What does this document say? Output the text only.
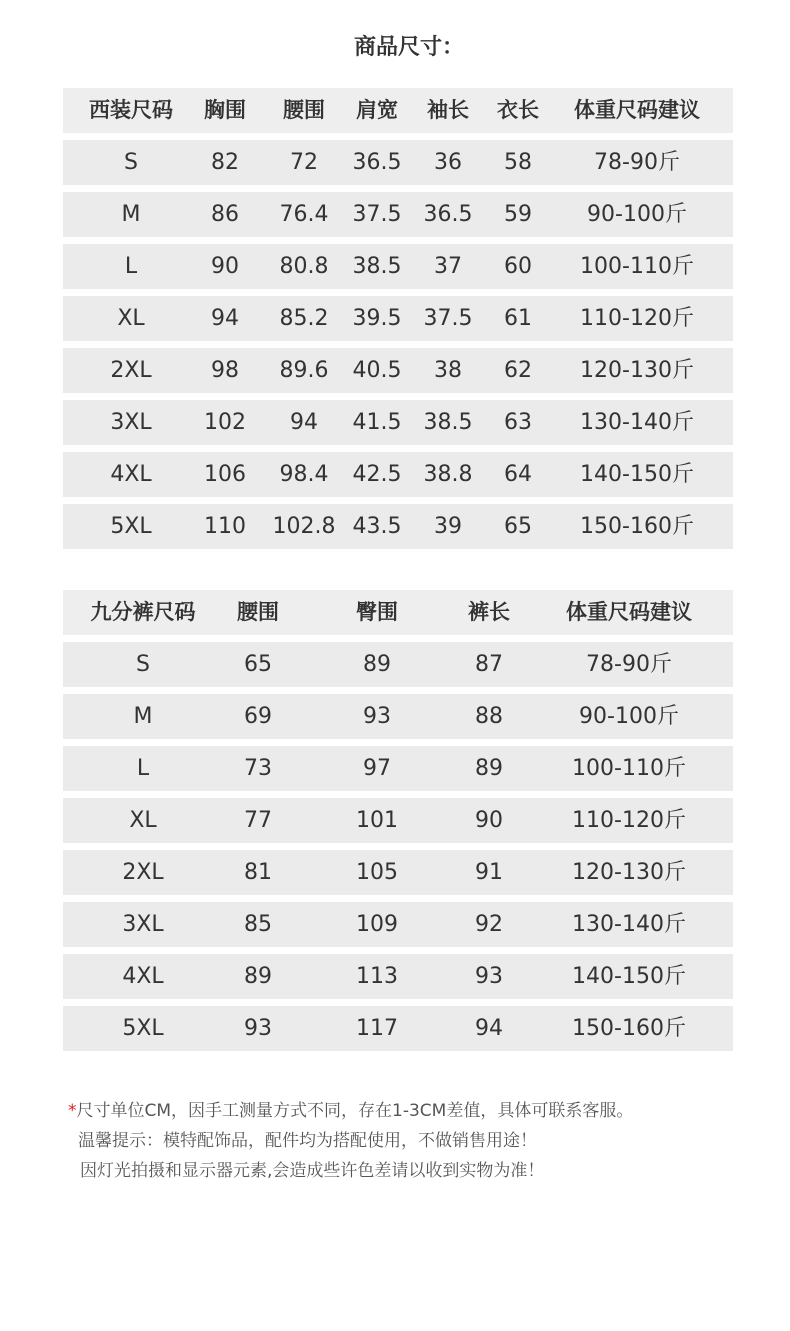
商品尺寸：
西装尺码 胸围 腰围 肩宽 袖长 衣长 体重尺码建议
S	82 72 36.5 36 58	78-90斤
M	86 76.4 37.5 36.5 59	90-100斤
L	90 80.8 38.5 37 60 100-110斤
XL	94 85.2 39.5 37.5 61 110-120斤
2XL	98 89.6 40.5 38 62 120-130斤
3XL 102 94 41.5 38.5 63 130-140斤
4XL 106 98.4 42.5 38.8 64 140-150斤
5XL 110 102.8 43.5 39 65 150-160斤
九分裤尺码 腰围	臀围	裤长	体重尺码建议
S	65	89	87	78-90斤
M	69	93	88	90-100斤
L	73	97	89	100-110斤
XL	77	101	90	110-120斤
2XL	81	105	91	120-130斤
3XL	85	109	92	130-140斤
4XL	89	113	93	140-150斤
5XL	93	117	94	150-160斤

*尺寸单位CM，因手工测量方式不同，存在1-3CM差值，具体可联系客服。

温馨提示：模特配饰品，配件均为搭配使用，不做销售用途！

因灯光拍摄和显示器元素,会造成些许色差请以收到实物为准！
